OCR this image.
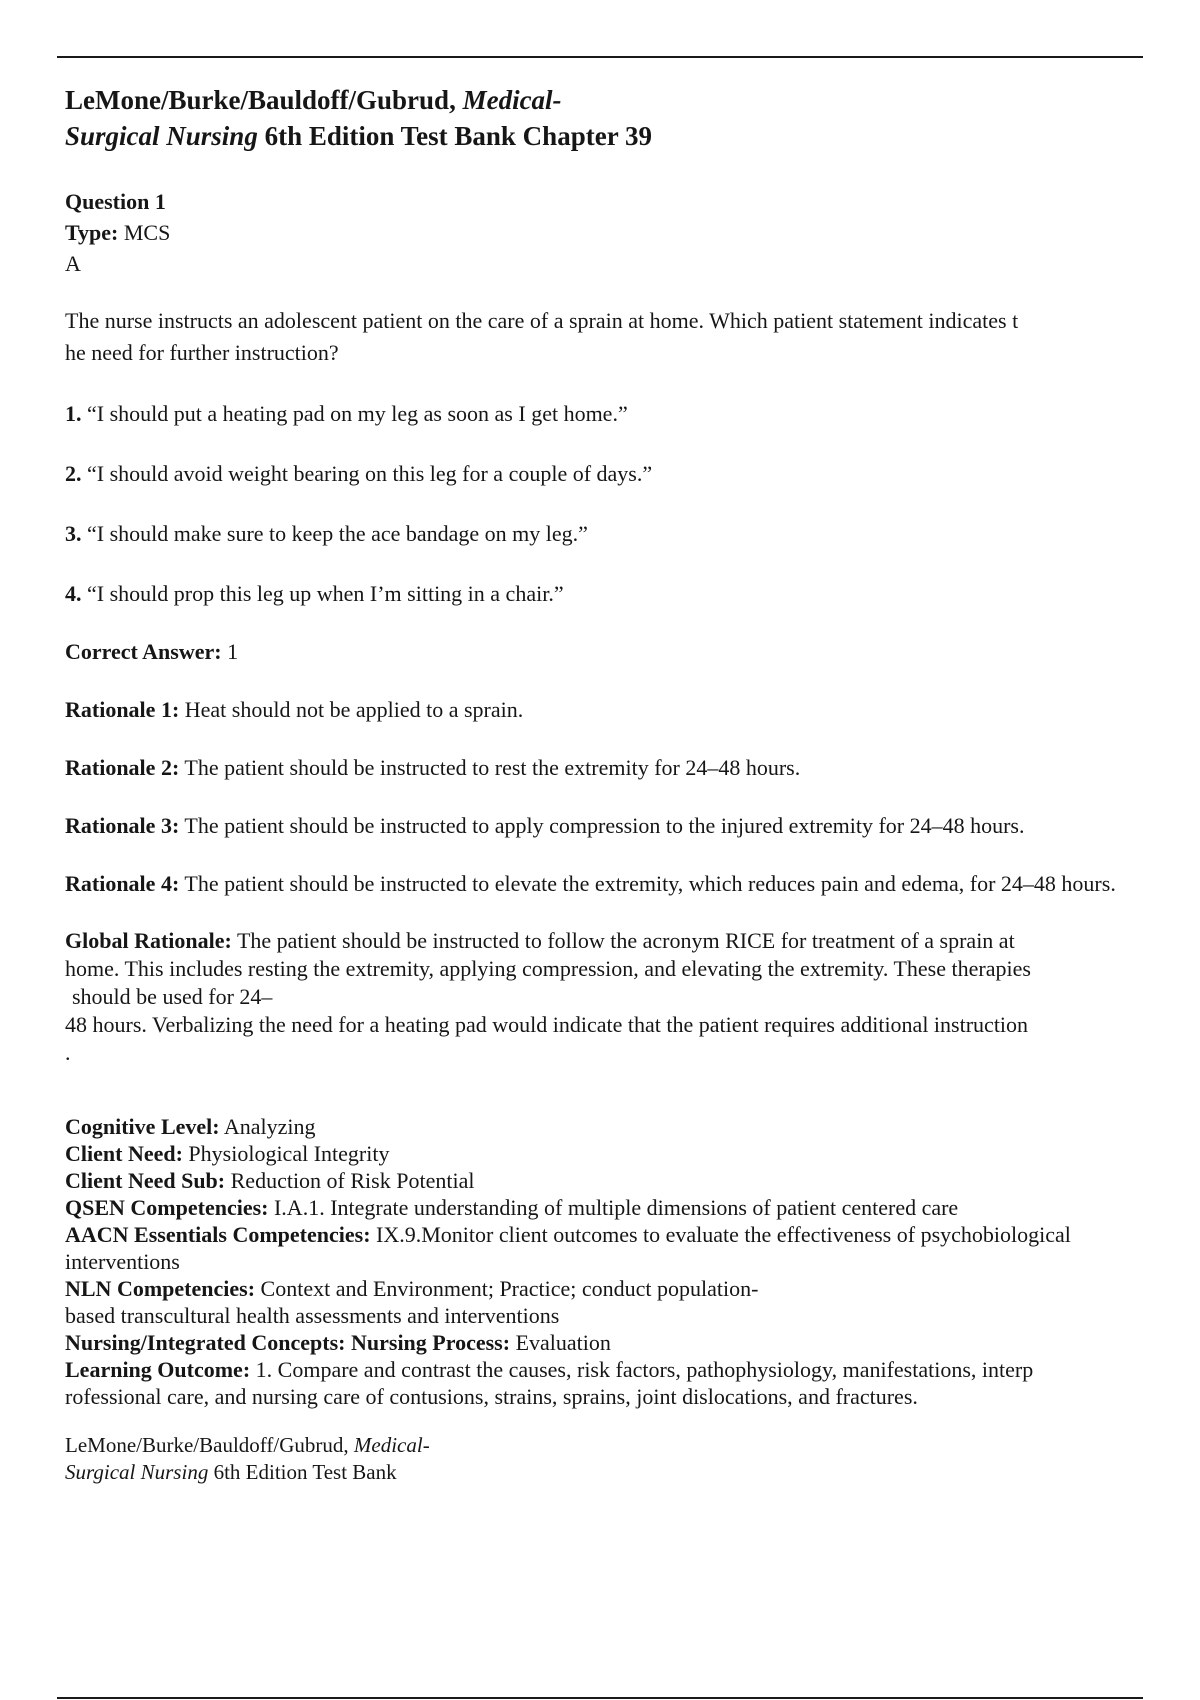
LeMone/Burke/Bauldoff/Gubrud, Medical-
Surgical Nursing 6th Edition Test Bank Chapter 39
Question 1
Type: MCS
A
The nurse instructs an adolescent patient on the care of a sprain at home. Which patient statement indicates t
he need for further instruction?
1. “I should put a heating pad on my leg as soon as I get home.”
2. “I should avoid weight bearing on this leg for a couple of days.”
3. “I should make sure to keep the ace bandage on my leg.”
4. “I should prop this leg up when I’m sitting in a chair.”
Correct Answer: 1
Rationale 1: Heat should not be applied to a sprain.
Rationale 2: The patient should be instructed to rest the extremity for 24–48 hours.
Rationale 3: The patient should be instructed to apply compression to the injured extremity for 24–48 hours.
Rationale 4: The patient should be instructed to elevate the extremity, which reduces pain and edema, for 24–48 hours.
Global Rationale: The patient should be instructed to follow the acronym RICE for treatment of a sprain at
home. This includes resting the extremity, applying compression, and elevating the extremity. These therapies
should be used for 24–
48 hours. Verbalizing the need for a heating pad would indicate that the patient requires additional instruction
.
Cognitive Level: Analyzing
Client Need: Physiological Integrity
Client Need Sub: Reduction of Risk Potential
QSEN Competencies: I.A.1. Integrate understanding of multiple dimensions of patient centered care
AACN Essentials Competencies: IX.9.Monitor client outcomes to evaluate the effectiveness of psychobiological
interventions
NLN Competencies: Context and Environment; Practice; conduct population-
based transcultural health assessments and interventions
Nursing/Integrated Concepts: Nursing Process: Evaluation
Learning Outcome: 1. Compare and contrast the causes, risk factors, pathophysiology, manifestations, interp
rofessional care, and nursing care of contusions, strains, sprains, joint dislocations, and fractures.
LeMone/Burke/Bauldoff/Gubrud, Medical-
Surgical Nursing 6th Edition Test Bank
